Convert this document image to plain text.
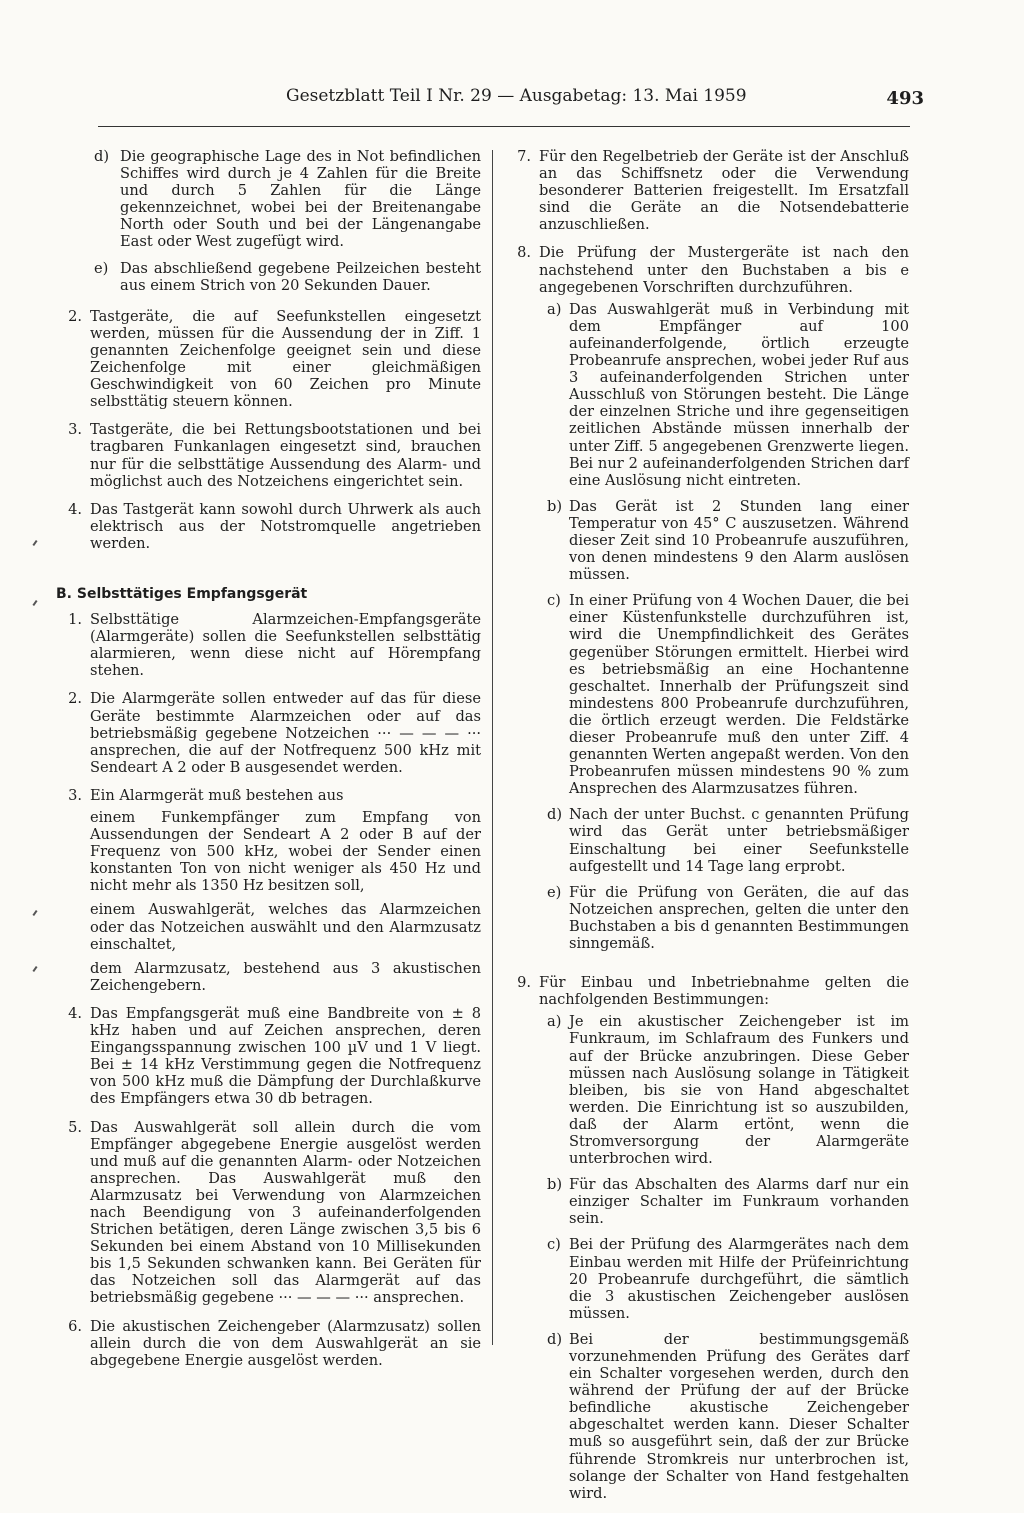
Gesetzblatt Teil I Nr. 29 — Ausgabetag: 13. Mai 1959	493
d) Die geographische Lage des in Not befindlichen Schiffes wird durch je 4 Zahlen für die Breite und durch 5 Zahlen für die Länge gekennzeichnet, wobei bei der Breitenangabe North oder South und bei der Längenangabe East oder West zugefügt wird.
e) Das abschließend gegebene Peilzeichen besteht aus einem Strich von 20 Sekunden Dauer.
2. Tastgeräte, die auf Seefunkstellen eingesetzt werden, müssen für die Aussendung der in Ziff. 1 genannten Zeichenfolge geeignet sein und diese Zeichenfolge mit einer gleichmäßigen Geschwindigkeit von 60 Zeichen pro Minute selbsttätig steuern können.
3. Tastgeräte, die bei Rettungsbootstationen und bei tragbaren Funkanlagen eingesetzt sind, brauchen nur für die selbsttätige Aussendung des Alarm- und möglichst auch des Notzeichens eingerichtet sein.
4. Das Tastgerät kann sowohl durch Uhrwerk als auch elektrisch aus der Notstromquelle angetrieben werden.
B. Selbsttätiges Empfangsgerät
1. Selbsttätige Alarmzeichen-Empfangsgeräte (Alarmgeräte) sollen die Seefunkstellen selbsttätig alarmieren, wenn diese nicht auf Hörempfang stehen.
2. Die Alarmgeräte sollen entweder auf das für diese Geräte bestimmte Alarmzeichen oder auf das betriebsmäßig gegebene Notzeichen ··· — — — ··· ansprechen, die auf der Notfrequenz 500 kHz mit Sendeart A 2 oder B ausgesendet werden.
3. Ein Alarmgerät muß bestehen aus
einem Funkempfänger zum Empfang von Aussendungen der Sendeart A 2 oder B auf der Frequenz von 500 kHz, wobei der Sender einen konstanten Ton von nicht weniger als 450 Hz und nicht mehr als 1350 Hz besitzen soll,
einem Auswahlgerät, welches das Alarmzeichen oder das Notzeichen auswählt und den Alarmzusatz einschaltet,
dem Alarmzusatz, bestehend aus 3 akustischen Zeichengebern.
4. Das Empfangsgerät muß eine Bandbreite von ± 8 kHz haben und auf Zeichen ansprechen, deren Eingangsspannung zwischen 100 µV und 1 V liegt. Bei ± 14 kHz Verstimmung gegen die Notfrequenz von 500 kHz muß die Dämpfung der Durchlaßkurve des Empfängers etwa 30 db betragen.
5. Das Auswahlgerät soll allein durch die vom Empfänger abgegebene Energie ausgelöst werden und muß auf die genannten Alarm- oder Notzeichen ansprechen. Das Auswahlgerät muß den Alarmzusatz bei Verwendung von Alarmzeichen nach Beendigung von 3 aufeinanderfolgenden Strichen betätigen, deren Länge zwischen 3,5 bis 6 Sekunden bei einem Abstand von 10 Millisekunden bis 1,5 Sekunden schwanken kann. Bei Geräten für das Notzeichen soll das Alarmgerät auf das betriebsmäßig gegebene ··· — — — ··· ansprechen.
6. Die akustischen Zeichengeber (Alarmzusatz) sollen allein durch die von dem Auswahlgerät an sie abgegebene Energie ausgelöst werden.
7. Für den Regelbetrieb der Geräte ist der Anschluß an das Schiffsnetz oder die Verwendung besonderer Batterien freigestellt. Im Ersatzfall sind die Geräte an die Notsendebatterie anzuschließen.
8. Die Prüfung der Mustergeräte ist nach den nachstehend unter den Buchstaben a bis e angegebenen Vorschriften durchzuführen.
a) Das Auswahlgerät muß in Verbindung mit dem Empfänger auf 100 aufeinanderfolgende, örtlich erzeugte Probeanrufe ansprechen, wobei jeder Ruf aus 3 aufeinanderfolgenden Strichen unter Ausschluß von Störungen besteht. Die Länge der einzelnen Striche und ihre gegenseitigen zeitlichen Abstände müssen innerhalb der unter Ziff. 5 angegebenen Grenzwerte liegen. Bei nur 2 aufeinanderfolgenden Strichen darf eine Auslösung nicht eintreten.
b) Das Gerät ist 2 Stunden lang einer Temperatur von 45° C auszusetzen. Während dieser Zeit sind 10 Probeanrufe auszuführen, von denen mindestens 9 den Alarm auslösen müssen.
c) In einer Prüfung von 4 Wochen Dauer, die bei einer Küstenfunkstelle durchzuführen ist, wird die Unempfindlichkeit des Gerätes gegenüber Störungen ermittelt. Hierbei wird es betriebsmäßig an eine Hochantenne geschaltet. Innerhalb der Prüfungszeit sind mindestens 800 Probeanrufe durchzuführen, die örtlich erzeugt werden. Die Feldstärke dieser Probeanrufe muß den unter Ziff. 4 genannten Werten angepaßt werden. Von den Probeanrufen müssen mindestens 90 % zum Ansprechen des Alarmzusatzes führen.
d) Nach der unter Buchst. c genannten Prüfung wird das Gerät unter betriebsmäßiger Einschaltung bei einer Seefunkstelle aufgestellt und 14 Tage lang erprobt.
e) Für die Prüfung von Geräten, die auf das Notzeichen ansprechen, gelten die unter den Buchstaben a bis d genannten Bestimmungen sinngemäß.
9. Für Einbau und Inbetriebnahme gelten die nachfolgenden Bestimmungen:
a) Je ein akustischer Zeichengeber ist im Funkraum, im Schlafraum des Funkers und auf der Brücke anzubringen. Diese Geber müssen nach Auslösung solange in Tätigkeit bleiben, bis sie von Hand abgeschaltet werden. Die Einrichtung ist so auszubilden, daß der Alarm ertönt, wenn die Stromversorgung der Alarmgeräte unterbrochen wird.
b) Für das Abschalten des Alarms darf nur ein einziger Schalter im Funkraum vorhanden sein.
c) Bei der Prüfung des Alarmgerätes nach dem Einbau werden mit Hilfe der Prüfeinrichtung 20 Probeanrufe durchgeführt, die sämtlich die 3 akustischen Zeichengeber auslösen müssen.
d) Bei der bestimmungsgemäß vorzunehmenden Prüfung des Gerätes darf ein Schalter vorgesehen werden, durch den während der Prüfung der auf der Brücke befindliche akustische Zeichengeber abgeschaltet werden kann. Dieser Schalter muß so ausgeführt sein, daß der zur Brücke führende Stromkreis nur unterbrochen ist, solange der Schalter von Hand festgehalten wird.
